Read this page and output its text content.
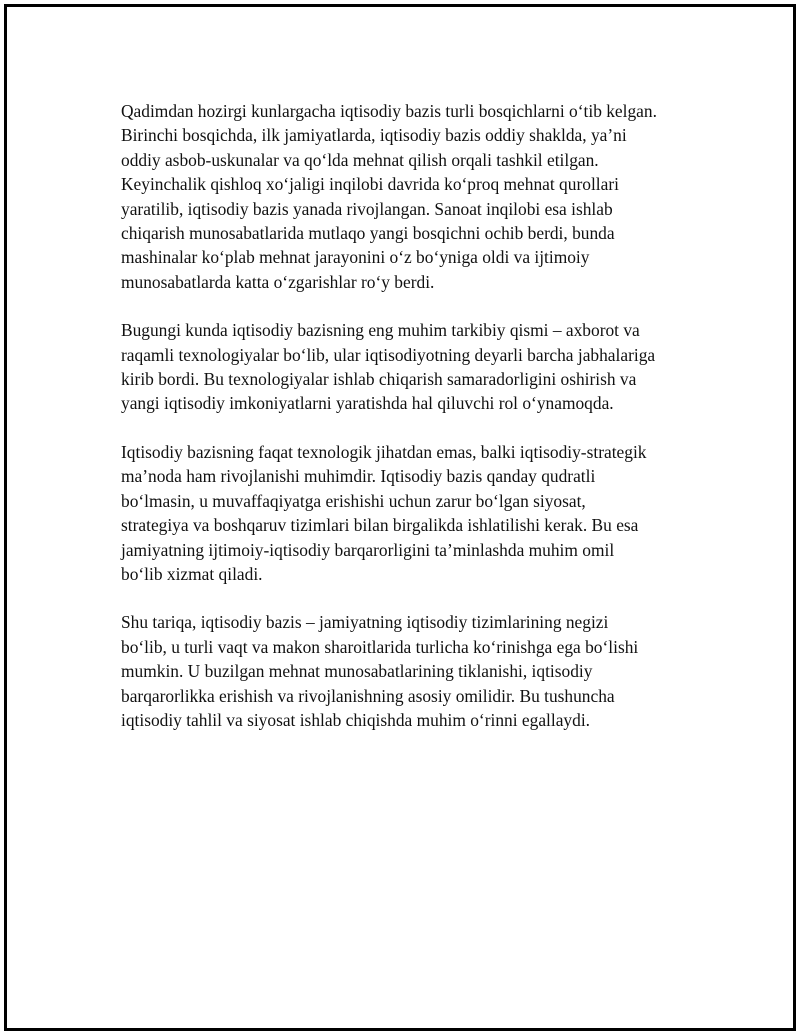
Qadimdan hozirgi kunlargacha iqtisodiy bazis turli bosqichlarni o‘tib kelgan.
Birinchi bosqichda, ilk jamiyatlarda, iqtisodiy bazis oddiy shaklda, ya’ni
oddiy asbob-uskunalar va qo‘lda mehnat qilish orqali tashkil etilgan.
Keyinchalik qishloq xo‘jaligi inqilobi davrida ko‘proq mehnat qurollari
yaratilib, iqtisodiy bazis yanada rivojlangan. Sanoat inqilobi esa ishlab
chiqarish munosabatlarida mutlaqo yangi bosqichni ochib berdi, bunda
mashinalar ko‘plab mehnat jarayonini o‘z bo‘yniga oldi va ijtimoiy
munosabatlarda katta o‘zgarishlar ro‘y berdi.

Bugungi kunda iqtisodiy bazisning eng muhim tarkibiy qismi – axborot va
raqamli texnologiyalar bo‘lib, ular iqtisodiyotning deyarli barcha jabhalariga
kirib bordi. Bu texnologiyalar ishlab chiqarish samaradorligini oshirish va
yangi iqtisodiy imkoniyatlarni yaratishda hal qiluvchi rol o‘ynamoqda.

Iqtisodiy bazisning faqat texnologik jihatdan emas, balki iqtisodiy-strategik
ma’noda ham rivojlanishi muhimdir. Iqtisodiy bazis qanday qudratli
bo‘lmasin, u muvaffaqiyatga erishishi uchun zarur bo‘lgan siyosat,
strategiya va boshqaruv tizimlari bilan birgalikda ishlatilishi kerak. Bu esa
jamiyatning ijtimoiy-iqtisodiy barqarorligini ta’minlashda muhim omil
bo‘lib xizmat qiladi.

Shu tariqa, iqtisodiy bazis – jamiyatning iqtisodiy tizimlarining negizi
bo‘lib, u turli vaqt va makon sharoitlarida turlicha ko‘rinishga ega bo‘lishi
mumkin. U buzilgan mehnat munosabatlarining tiklanishi, iqtisodiy
barqarorlikka erishish va rivojlanishning asosiy omilidir. Bu tushuncha
iqtisodiy tahlil va siyosat ishlab chiqishda muhim o‘rinni egallaydi.
